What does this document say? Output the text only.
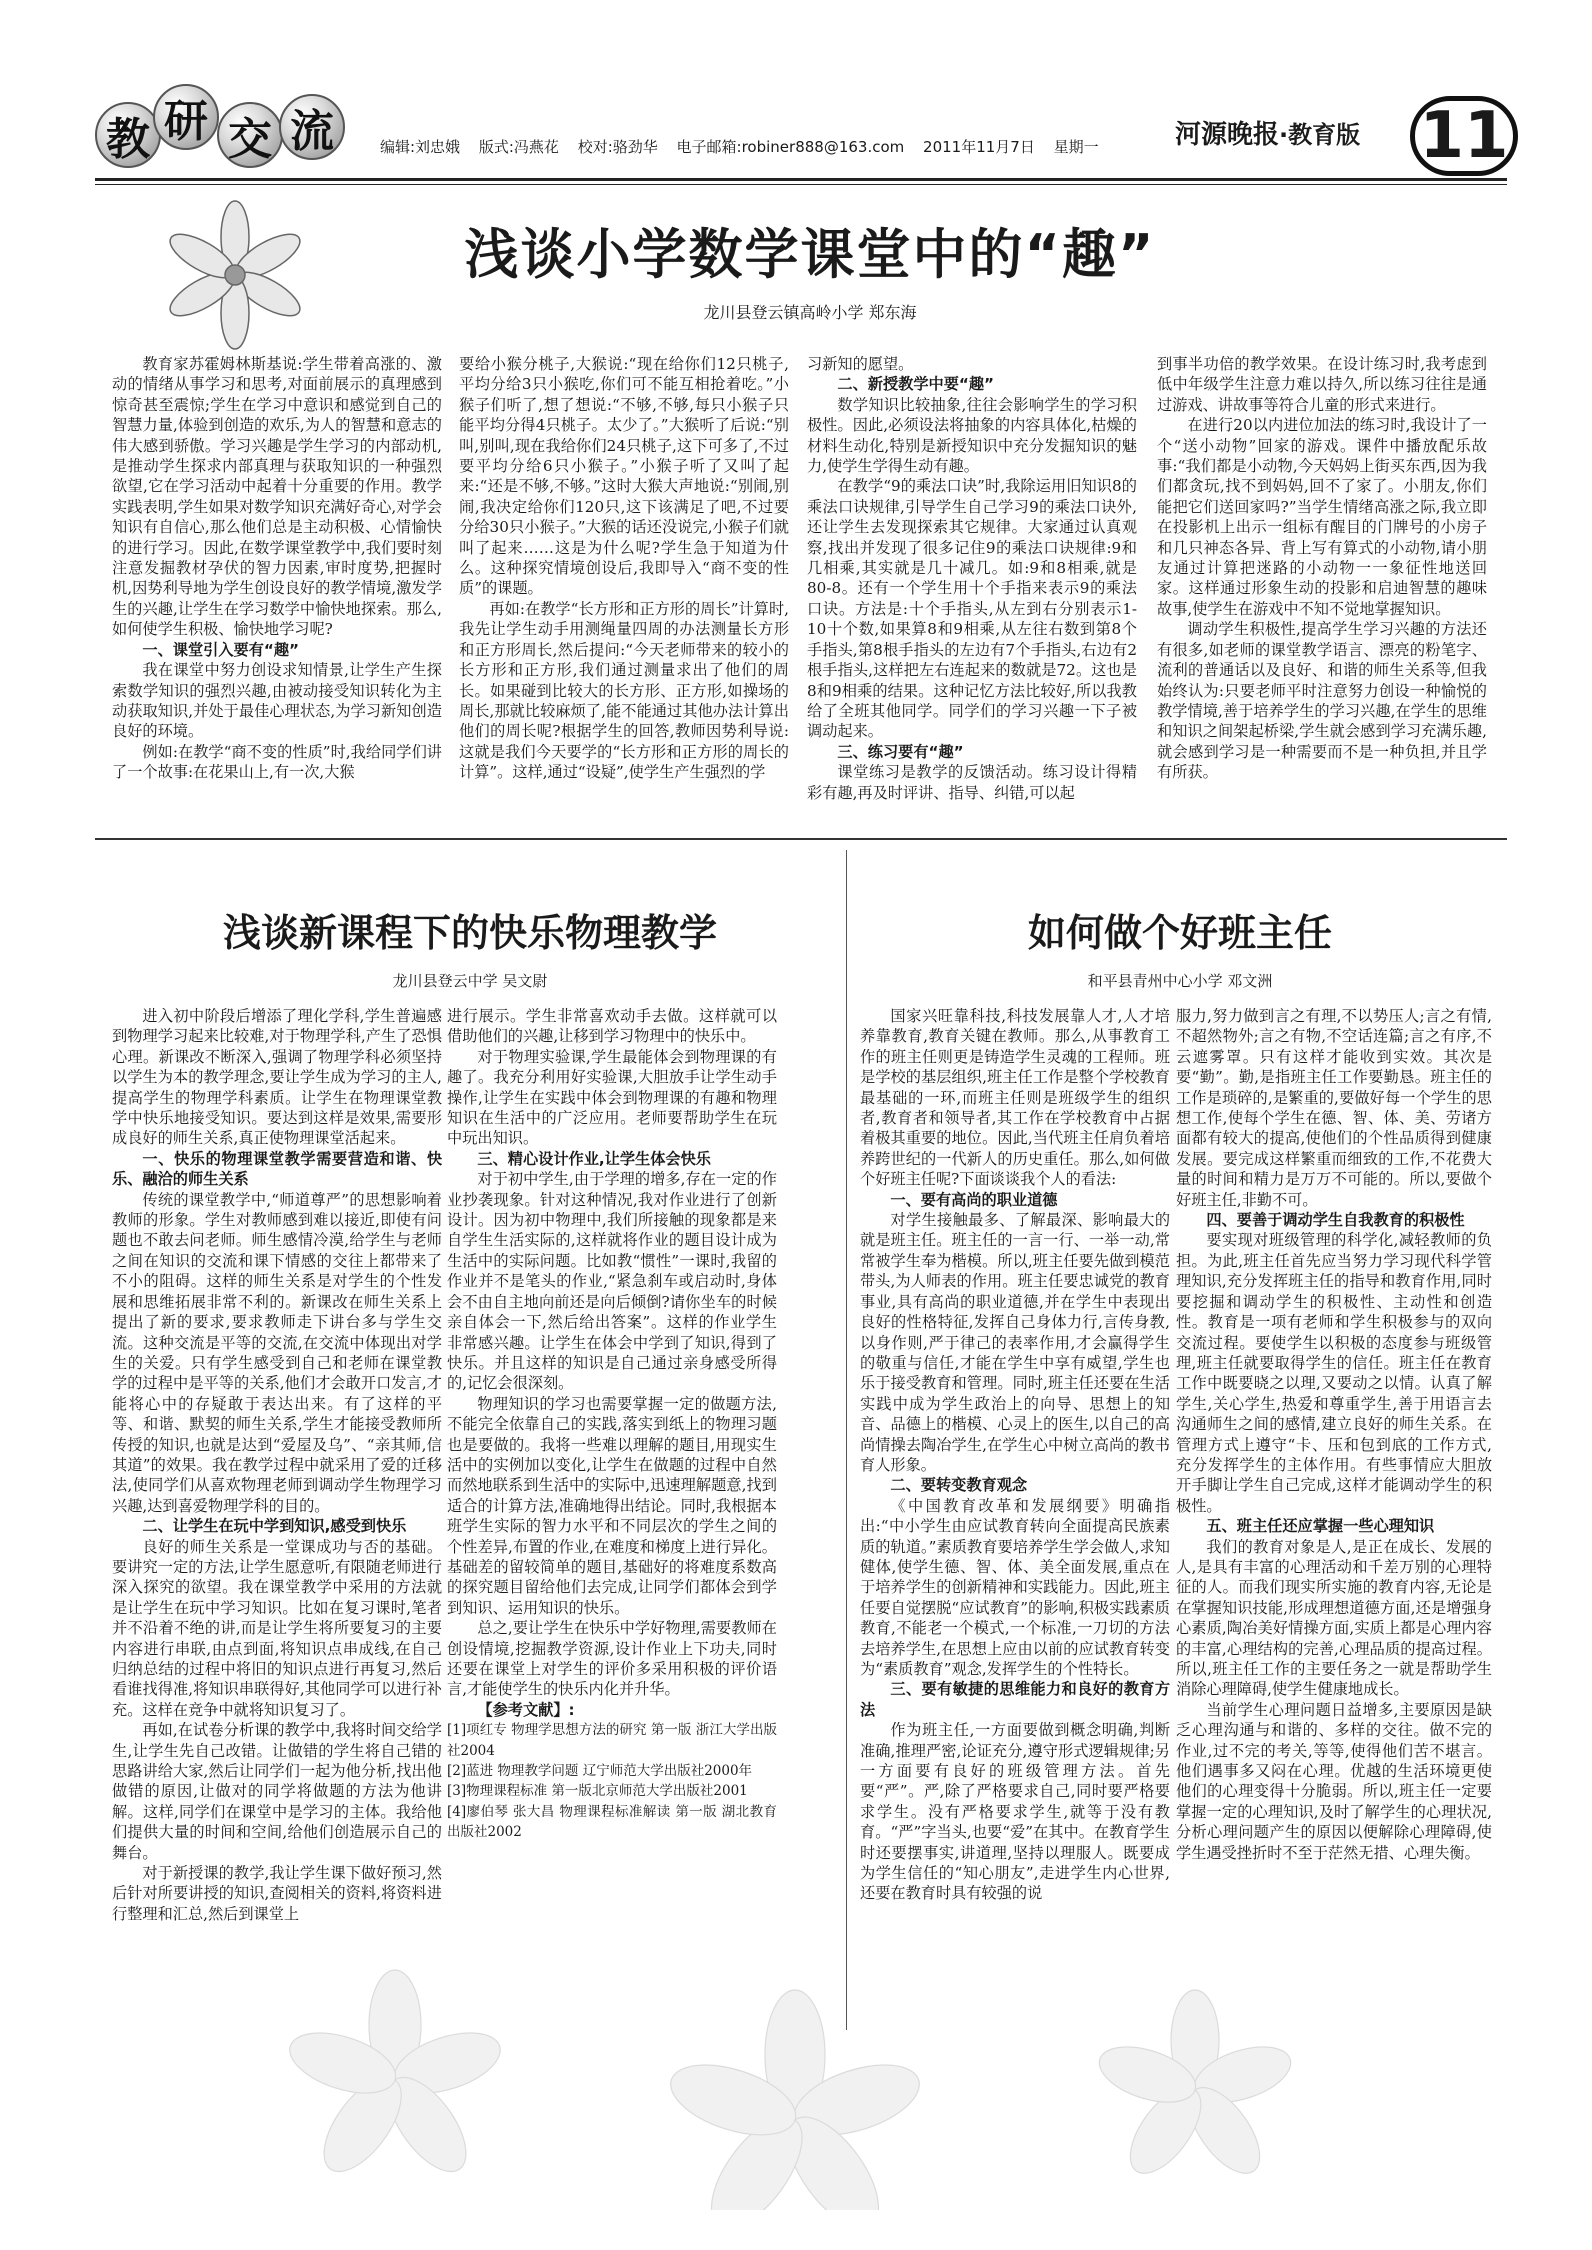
教 研 交 流	编辑:刘忠娥 版式:冯燕花 校对:骆劲华 电子邮箱:robiner888@163.com 2011年11月7日 星期一	河源晚报·教育版 11
浅谈小学数学课堂中的“趣”
龙川县登云镇高岭小学 郑东海

教育家苏霍姆林斯基说:学生带着高涨的、激动的情绪从事学习和思考,对面前展示的真理感到惊奇甚至震惊;学生在学习中意识和感觉到自己的智慧力量,体验到创造的欢乐,为人的智慧和意志的伟大感到骄傲。学习兴趣是学生学习的内部动机,是推动学生探求内部真理与获取知识的一种强烈欲望,它在学习活动中起着十分重要的作用。教学实践表明,学生如果对数学知识充满好奇心,对学会知识有自信心,那么他们总是主动积极、心情愉快的进行学习。因此,在数学课堂教学中,我们要时刻注意发掘教材孕伏的智力因素,审时度势,把握时机,因势利导地为学生创设良好的教学情境,激发学生的兴趣,让学生在学习数学中愉快地探索。那么,如何使学生积极、愉快地学习呢?

一、课堂引入要有“趣”

我在课堂中努力创设求知情景,让学生产生探索数学知识的强烈兴趣,由被动接受知识转化为主动获取知识,并处于最佳心理状态,为学习新知创造良好的环境。

例如:在教学“商不变的性质”时,我给同学们讲了一个故事:在花果山上,有一次,大猴

要给小猴分桃子,大猴说:“现在给你们12只桃子,平均分给3只小猴吃,你们可不能互相抢着吃。”小猴子们听了,想了想说:“不够,不够,每只小猴子只能平均分得4只桃子。太少了。”大猴听了后说:“别叫,别叫,现在我给你们24只桃子,这下可多了,不过要平均分给6只小猴子。”小猴子听了又叫了起来:“还是不够,不够。”这时大猴大声地说:“别闹,别闹,我决定给你们120只,这下该满足了吧,不过要分给30只小猴子。”大猴的话还没说完,小猴子们就叫了起来……这是为什么呢?学生急于知道为什么。这种探究情境创设后,我即导入“商不变的性质”的课题。

再如:在教学“长方形和正方形的周长”计算时,我先让学生动手用测绳量四周的办法测量长方形和正方形周长,然后提问:“今天老师带来的较小的长方形和正方形,我们通过测量求出了他们的周长。如果碰到比较大的长方形、正方形,如操场的周长,那就比较麻烦了,能不能通过其他办法计算出他们的周长呢?根据学生的回答,教师因势利导说:这就是我们今天要学的“长方形和正方形的周长的计算”。这样,通过“设疑”,使学生产生强烈的学

习新知的愿望。

二、新授教学中要“趣”

数学知识比较抽象,往往会影响学生的学习积极性。因此,必须设法将抽象的内容具体化,枯燥的材料生动化,特别是新授知识中充分发掘知识的魅力,使学生学得生动有趣。

在教学“9的乘法口诀”时,我除运用旧知识8的乘法口诀规律,引导学生自己学习9的乘法口诀外,还让学生去发现探索其它规律。大家通过认真观察,找出并发现了很多记住9的乘法口诀规律:9和几相乘,其实就是几十减几。如:9和8相乘,就是80-8。还有一个学生用十个手指来表示9的乘法口诀。方法是:十个手指头,从左到右分别表示1-10十个数,如果算8和9相乘,从左往右数到第8个手指头,第8根手指头的左边有7个手指头,右边有2根手指头,这样把左右连起来的数就是72。这也是8和9相乘的结果。这种记忆方法比较好,所以我教给了全班其他同学。同学们的学习兴趣一下子被调动起来。

三、练习要有“趣”

课堂练习是教学的反馈活动。练习设计得精彩有趣,再及时评讲、指导、纠错,可以起

到事半功倍的教学效果。在设计练习时,我考虑到低中年级学生注意力难以持久,所以练习往往是通过游戏、讲故事等符合儿童的形式来进行。

在进行20以内进位加法的练习时,我设计了一个“送小动物”回家的游戏。课件中播放配乐故事:“我们都是小动物,今天妈妈上街买东西,因为我们都贪玩,找不到妈妈,回不了家了。小朋友,你们能把它们送回家吗?”当学生情绪高涨之际,我立即在投影机上出示一组标有醒目的门牌号的小房子和几只神态各异、背上写有算式的小动物,请小朋友通过计算把迷路的小动物一一象征性地送回家。这样通过形象生动的投影和启迪智慧的趣味故事,使学生在游戏中不知不觉地掌握知识。

调动学生积极性,提高学生学习兴趣的方法还有很多,如老师的课堂教学语言、漂亮的粉笔字、流利的普通话以及良好、和谐的师生关系等,但我始终认为:只要老师平时注意努力创设一种愉悦的教学情境,善于培养学生的学习兴趣,在学生的思维和知识之间架起桥梁,学生就会感到学习充满乐趣,就会感到学习是一种需要而不是一种负担,并且学有所获。

浅谈新课程下的快乐物理教学
龙川县登云中学 吴文尉

进入初中阶段后增添了理化学科,学生普遍感到物理学习起来比较难,对于物理学科,产生了恐惧心理。新课改不断深入,强调了物理学科必须坚持以学生为本的教学理念,要让学生成为学习的主人,提高学生的物理学科素质。让学生在物理课堂教学中快乐地接受知识。要达到这样是效果,需要形成良好的师生关系,真正使物理课堂活起来。

一、快乐的物理课堂教学需要营造和谐、快乐、融洽的师生关系

传统的课堂教学中,“师道尊严”的思想影响着教师的形象。学生对教师感到难以接近,即使有问题也不敢去问老师。师生感情冷漠,给学生与老师之间在知识的交流和课下情感的交往上都带来了不小的阻碍。这样的师生关系是对学生的个性发展和思维拓展非常不利的。新课改在师生关系上提出了新的要求,要求教师走下讲台多与学生交流。这种交流是平等的交流,在交流中体现出对学生的关爱。只有学生感受到自己和老师在课堂教学的过程中是平等的关系,他们才会敢开口发言,才能将心中的存疑敢于表达出来。有了这样的平等、和谐、默契的师生关系,学生才能接受教师所传授的知识,也就是达到“爱屋及乌”、“亲其师,信其道”的效果。我在教学过程中就采用了爱的迁移法,使同学们从喜欢物理老师到调动学生物理学习兴趣,达到喜爱物理学科的目的。

二、让学生在玩中学到知识,感受到快乐

良好的师生关系是一堂课成功与否的基础。要讲究一定的方法,让学生愿意听,有限随老师进行深入探究的欲望。我在课堂教学中采用的方法就是让学生在玩中学习知识。比如在复习课时,笔者并不沿着不绝的讲,而是让学生将所要复习的主要内容进行串联,由点到面,将知识点串成线,在自己归纳总结的过程中将旧的知识点进行再复习,然后看谁找得准,将知识串联得好,其他同学可以进行补充。这样在竞争中就将知识复习了。

再如,在试卷分析课的教学中,我将时间交给学生,让学生先自己改错。让做错的学生将自己错的思路讲给大家,然后让同学们一起为他分析,找出他做错的原因,让做对的同学将做题的方法为他讲解。这样,同学们在课堂中是学习的主体。我给他们提供大量的时间和空间,给他们创造展示自己的舞台。

对于新授课的教学,我让学生课下做好预习,然后针对所要讲授的知识,查阅相关的资料,将资料进行整理和汇总,然后到课堂上

进行展示。学生非常喜欢动手去做。这样就可以借助他们的兴趣,让移到学习物理中的快乐中。

对于物理实验课,学生最能体会到物理课的有趣了。我充分利用好实验课,大胆放手让学生动手操作,让学生在实践中体会到物理课的有趣和物理知识在生活中的广泛应用。老师要帮助学生在玩中玩出知识。

三、精心设计作业,让学生体会快乐

对于初中学生,由于学理的增多,存在一定的作业抄袭现象。针对这种情况,我对作业进行了创新设计。因为初中物理中,我们所接触的现象都是来自学生生活实际的,这样就将作业的题目设计成为生活中的实际问题。比如教“惯性”一课时,我留的作业并不是笔头的作业,“紧急刹车或启动时,身体会不由自主地向前还是向后倾倒?请你坐车的时候亲自体会一下,然后给出答案”。这样的作业学生非常感兴趣。让学生在体会中学到了知识,得到了快乐。并且这样的知识是自己通过亲身感受所得的,记忆会很深刻。

物理知识的学习也需要掌握一定的做题方法,不能完全依靠自己的实践,落实到纸上的物理习题也是要做的。我将一些难以理解的题目,用现实生活中的实例加以变化,让学生在做题的过程中自然而然地联系到生活中的实际中,迅速理解题意,找到适合的计算方法,准确地得出结论。同时,我根据本班学生实际的智力水平和不同层次的学生之间的个性差异,布置的作业,在难度和梯度上进行异化。基础差的留较简单的题目,基础好的将难度系数高的探究题目留给他们去完成,让同学们都体会到学到知识、运用知识的快乐。

总之,要让学生在快乐中学好物理,需要教师在创设情境,挖掘教学资源,设计作业上下功夫,同时还要在课堂上对学生的评价多采用积极的评价语言,才能使学生的快乐内化并升华。

【参考文献】:

[1]项红专 物理学思想方法的研究 第一版 浙江大学出版社2004

[2]蓝进 物理教学问题 辽宁师范大学出版社2000年

[3]物理课程标准 第一版北京师范大学出版社2001

[4]廖伯琴 张大昌 物理课程标准解读 第一版 湖北教育出版社2002

如何做个好班主任
和平县青州中心小学 邓文洲

国家兴旺靠科技,科技发展靠人才,人才培养靠教育,教育关键在教师。那么,从事教育工作的班主任则更是铸造学生灵魂的工程师。班是学校的基层组织,班主任工作是整个学校教育最基础的一环,而班主任则是班级学生的组织者,教育者和领导者,其工作在学校教育中占据着极其重要的地位。因此,当代班主任肩负着培养跨世纪的一代新人的历史重任。那么,如何做个好班主任呢?下面谈谈我个人的看法:

一、要有高尚的职业道德

对学生接触最多、了解最深、影响最大的就是班主任。班主任的一言一行、一举一动,常常被学生奉为楷模。所以,班主任要先做到模范带头,为人师表的作用。班主任要忠诚党的教育事业,具有高尚的职业道德,并在学生中表现出良好的性格特征,发挥自己身体力行,言传身教,以身作则,严于律己的表率作用,才会赢得学生的敬重与信任,才能在学生中享有威望,学生也乐于接受教育和管理。同时,班主任还要在生活实践中成为学生政治上的向导、思想上的知音、品德上的楷模、心灵上的医生,以自己的高尚情操去陶冶学生,在学生心中树立高尚的教书育人形象。

二、要转变教育观念

《中国教育改革和发展纲要》明确指出:“中小学生由应试教育转向全面提高民族素质的轨道。”素质教育要培养学生学会做人,求知健体,使学生德、智、体、美全面发展,重点在于培养学生的创新精神和实践能力。因此,班主任要自觉摆脱“应试教育”的影响,积极实践素质教育,不能老一个模式,一个标准,一刀切的方法去培养学生,在思想上应由以前的应试教育转变为“素质教育”观念,发挥学生的个性特长。

三、要有敏捷的思维能力和良好的教育方法

作为班主任,一方面要做到概念明确,判断准确,推理严密,论证充分,遵守形式逻辑规律;另一方面要有良好的班级管理方法。首先要“严”。严,除了严格要求自己,同时要严格要求学生。没有严格要求学生,就等于没有教育。“严”字当头,也要“爱”在其中。在教育学生时还要摆事实,讲道理,坚持以理服人。既要成为学生信任的“知心朋友”,走进学生内心世界,还要在教育时具有较强的说

服力,努力做到言之有理,不以势压人;言之有情,不超然物外;言之有物,不空话连篇;言之有序,不云遮雾罩。只有这样才能收到实效。其次是要“勤”。勤,是指班主任工作要勤恳。班主任的工作是琐碎的,是繁重的,要做好每一个学生的思想工作,使每个学生在德、智、体、美、劳诸方面都有较大的提高,使他们的个性品质得到健康发展。要完成这样繁重而细致的工作,不花费大量的时间和精力是万万不可能的。所以,要做个好班主任,非勤不可。

四、要善于调动学生自我教育的积极性

要实现对班级管理的科学化,减轻教师的负担。为此,班主任首先应当努力学习现代科学管理知识,充分发挥班主任的指导和教育作用,同时要挖掘和调动学生的积极性、主动性和创造性。教育是一项有老师和学生积极参与的双向交流过程。要使学生以积极的态度参与班级管理,班主任就要取得学生的信任。班主任在教育工作中既要晓之以理,又要动之以情。认真了解学生,关心学生,热爱和尊重学生,善于用语言去沟通师生之间的感情,建立良好的师生关系。在管理方式上遵守“卡、压和包到底的工作方式,充分发挥学生的主体作用。有些事情应大胆放开手脚让学生自己完成,这样才能调动学生的积极性。

五、班主任还应掌握一些心理知识

我们的教育对象是人,是正在成长、发展的人,是具有丰富的心理活动和千差万别的心理特征的人。而我们现实所实施的教育内容,无论是在掌握知识技能,形成理想道德方面,还是增强身心素质,陶冶美好情操方面,实质上都是心理内容的丰富,心理结构的完善,心理品质的提高过程。所以,班主任工作的主要任务之一就是帮助学生消除心理障碍,使学生健康地成长。

当前学生心理问题日益增多,主要原因是缺乏心理沟通与和谐的、多样的交往。做不完的作业,过不完的考关,等等,使得他们苦不堪言。他们遇事多又闷在心理。优越的生活环境更使他们的心理变得十分脆弱。所以,班主任一定要掌握一定的心理知识,及时了解学生的心理状况,分析心理问题产生的原因以便解除心理障碍,使学生遇受挫折时不至于茫然无措、心理失衡。
